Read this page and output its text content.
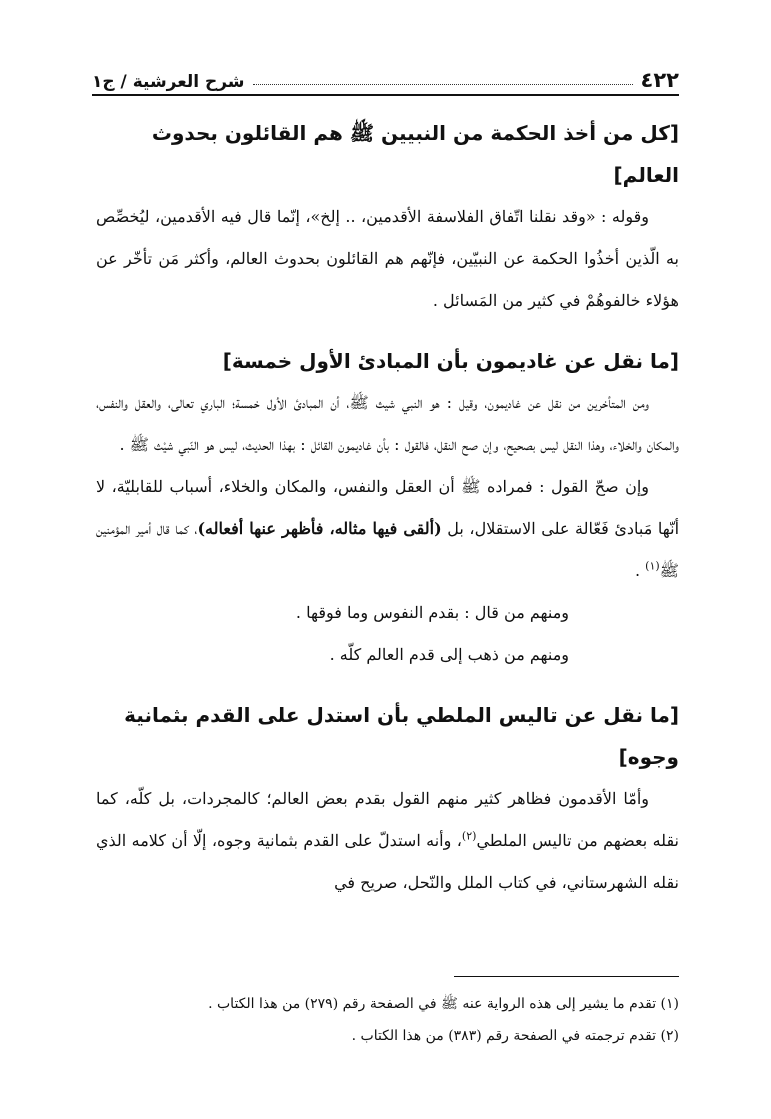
٤٢٢
شرح العرشية / ج١

[كل من أخذ الحكمة من النبيين ﷺ هم القائلون بحدوث العالم]

وقوله : «وقد نقلنا اتّفاق الفلاسفة الأقدمين، .. إلخ»، إنّما قال فيه الأقدمين، ليُخصِّص به الّذين أخذُوا الحكمة عن النبيّين، فإنّهم هم القائلون بحدوث العالم، وأكثر مَن تأخّر عن هؤلاء خالفوهُمْ في كثير من المَسائل .

[ما نقل عن غاديمون بأن المبادئ الأول خمسة]

ومن المتأخرين من نقل عن غاديمون، وقيل : هو النبي شيث ﷺ، أن المبادئ الأول خمسة؛ الباري تعالى، والعقل والنفس، والمكان والخلاء، وهذا النقل ليس بصحيح، وإن صح النقل، فالقول : بأن غاديمون القائل : بهذا الحديث، ليس هو النّبي شيْث ﷺ .

وإن صحّ القول : فمراده ﷺ أن العقل والنفس، والمكان والخلاء، أسباب للقابليّة، لا أنّها مَبادئ فَعّالة على الاستقلال، بل (ألقى فيها مثاله، فأظهر عنها أفعاله)، كما قال أمير المؤمنين ﷺ$^{(١)}$ .

ومنهم من قال : بقدم النفوس وما فوقها .

ومنهم من ذهب إلى قدم العالم كلّه .

[ما نقل عن تاليس الملطي بأن استدل على القدم بثمانية وجوه]

وأمّا الأقدمون فظاهر كثير منهم القول بقدم بعض العالم؛ كالمجردات، بل كلّه، كما نقله بعضهم من تاليس الملطي$^{(٢)}$، وأنه استدلّ على القدم بثمانية وجوه، إلّا أن كلامه الذي نقله الشهرستاني، في كتاب الملل والنّحل، صريح في

(١) تقدم ما يشير إلى هذه الرواية عنه ﷺ في الصفحة رقم (٢٧٩) من هذا الكتاب .

(٢) تقدم ترجمته في الصفحة رقم (٣٨٣) من هذا الكتاب .
